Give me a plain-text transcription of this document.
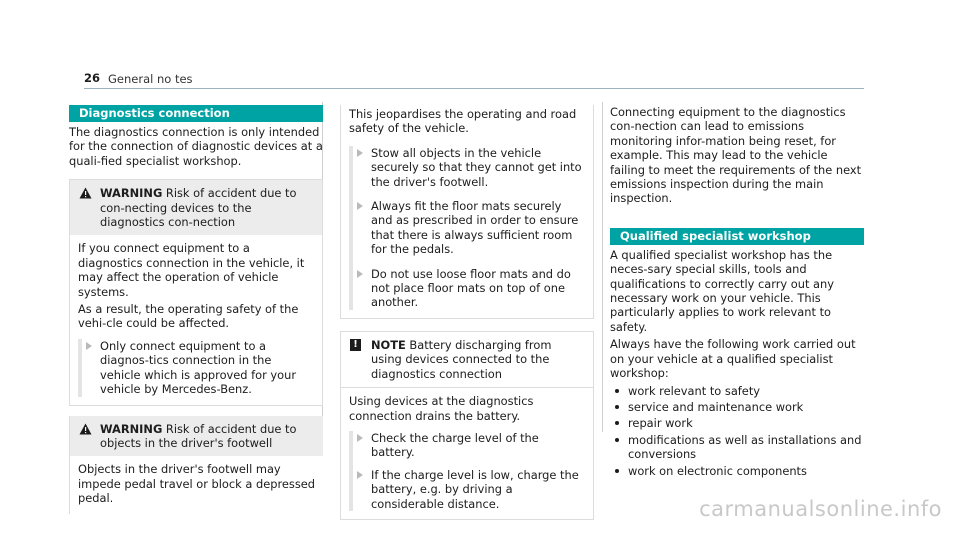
26 General no tes
Diagnostics connection

The diagnostics connection is only intended for the connection of diagnostic devices at a quali-fied specialist workshop.

WARNING Risk of accident due to con-necting devices to the diagnostics con-nection

If you connect equipment to a diagnostics connection in the vehicle, it may affect the operation of vehicle systems.

As a result, the operating safety of the vehi-cle could be affected.

Only connect equipment to a diagnos-tics connection in the vehicle which is approved for your vehicle by Mercedes-Benz.
WARNING Risk of accident due to objects in the driver's footwell

Objects in the driver's footwell may impede pedal travel or block a depressed pedal.

This jeopardises the operating and road safety of the vehicle.

Stow all objects in the vehicle securely so that they cannot get into the driver's footwell.
Always fit the floor mats securely and as prescribed in order to ensure that there is always sufficient room for the pedals.
Do not use loose floor mats and do not place floor mats on top of one another.
!	NOTE Battery discharging from using devices connected to the diagnostics connection

Using devices at the diagnostics connection drains the battery.

Check the charge level of the battery.
If the charge level is low, charge the battery, e.g. by driving a considerable distance.

Connecting equipment to the diagnostics con-nection can lead to emissions monitoring infor-mation being reset, for example. This may lead to the vehicle failing to meet the requirements of the next emissions inspection during the main inspection.

Qualified specialist workshop

A qualified specialist workshop has the neces-sary special skills, tools and qualifications to correctly carry out any necessary work on your vehicle. This particularly applies to work relevant to safety.

Always have the following work carried out on your vehicle at a qualified specialist workshop:

work relevant to safety
service and maintenance work
repair work
modifications as well as installations and conversions
work on electronic components
carmanualsonline.info
